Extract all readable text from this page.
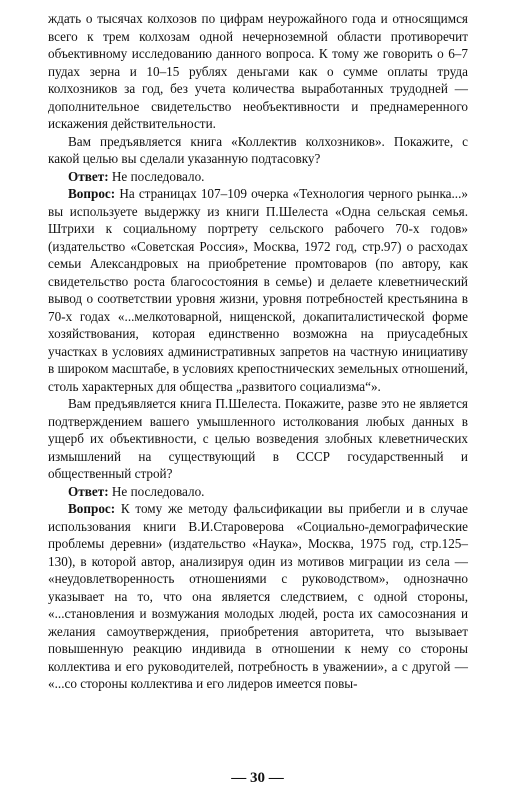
ждать о тысячах колхозов по цифрам неурожайного года и относящимся всего к трем колхозам одной нечерноземной области противоречит объективному исследованию данного вопроса. К тому же говорить о 6–7 пудах зерна и 10–15 рублях деньгами как о сумме оплаты труда колхозников за год, без учета количества выработанных трудодней — дополнительное свидетельство необъективности и преднамеренного искажения действительности.

Вам предъявляется книга «Коллектив колхозников». Покажите, с какой целью вы сделали указанную подтасовку?

Ответ: Не последовало.

Вопрос: На страницах 107–109 очерка «Технология черного рынка...» вы используете выдержку из книги П.Шелеста «Одна сельская семья. Штрихи к социальному портрету сельского рабочего 70-х годов» (издательство «Советская Россия», Москва, 1972 год, стр.97) о расходах семьи Александровых на приобретение промтоваров (по автору, как свидетельство роста благосостояния в семье) и делаете клеветнический вывод о соответствии уровня жизни, уровня потребностей крестьянина в 70-х годах «...мелкотоварной, нищенской, докапиталистической форме хозяйствования, которая единственно возможна на приусадебных участках в условиях административных запретов на частную инициативу в широком масштабе, в условиях крепостнических земельных отношений, столь характерных для общества „развитого социализма“».

Вам предъявляется книга П.Шелеста. Покажите, разве это не является подтверждением вашего умышленного истолкования любых данных в ущерб их объективности, с целью возведения злобных клеветнических измышлений на существующий в СССР государственный и общественный строй?

Ответ: Не последовало.

Вопрос: К тому же методу фальсификации вы прибегли и в случае использования книги В.И.Староверова «Социально-демографические проблемы деревни» (издательство «Наука», Москва, 1975 год, стр.125–130), в которой автор, анализируя один из мотивов миграции из села — «неудовлетворенность отношениями с руководством», однозначно указывает на то, что она является следствием, с одной стороны, «...становления и возмужания молодых людей, роста их самосознания и желания самоутверждения, приобретения авторитета, что вызывает повышенную реакцию индивида в отношении к нему со стороны коллектива и его руководителей, потребность в уважении», а с другой — «...со стороны коллектива и его лидеров имеется повы-

— 30 —
